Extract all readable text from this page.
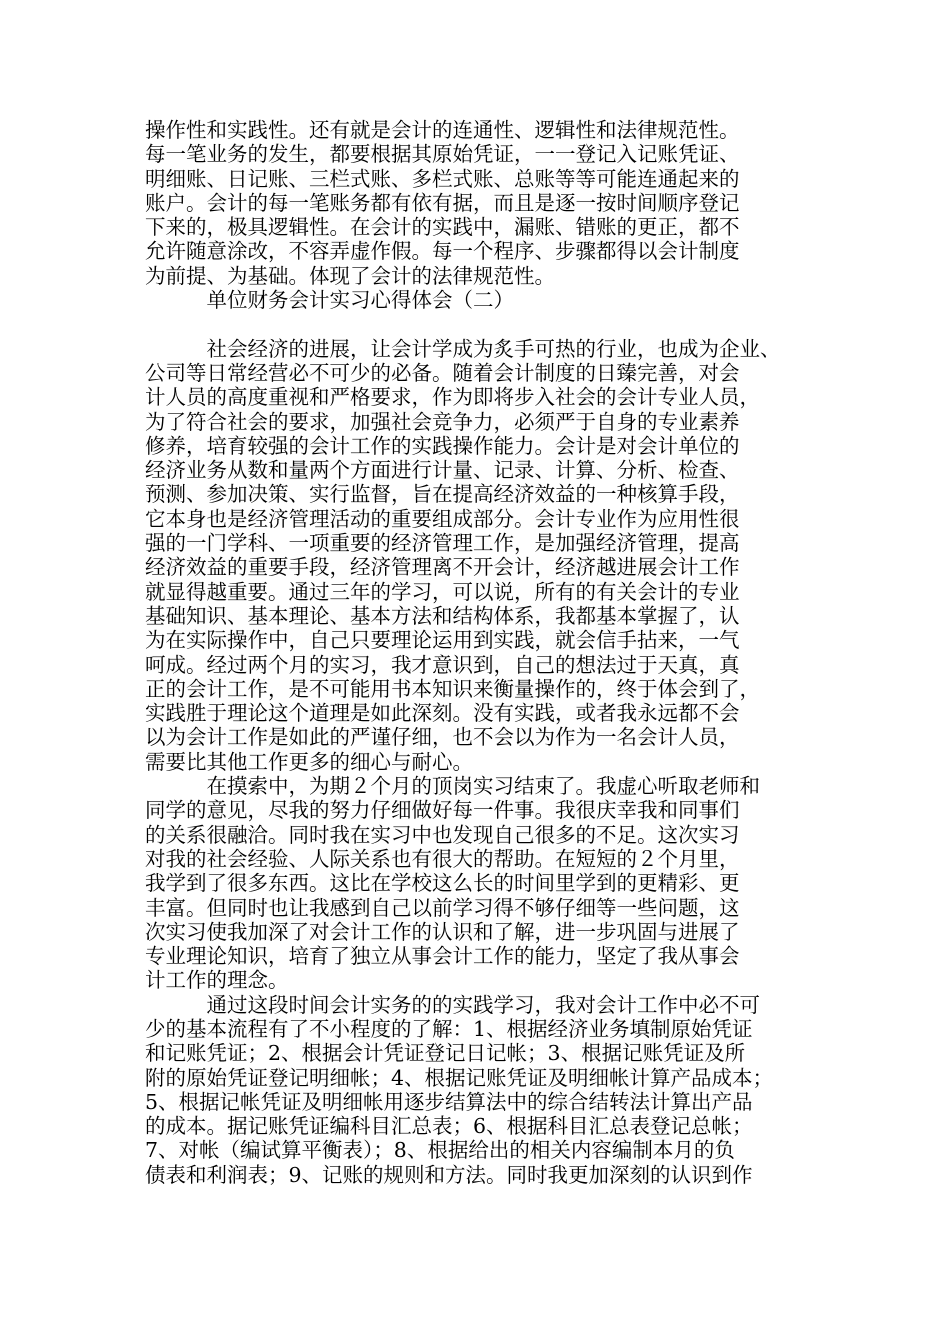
操作性和实践性。还有就是会计的连通性、逻辑性和法律规范性。
每一笔业务的发生，都要根据其原始凭证，一一登记入记账凭证、
明细账、日记账、三栏式账、多栏式账、总账等等可能连通起来的
账户。会计的每一笔账务都有依有据，而且是逐一按时间顺序登记
下来的，极具逻辑性。在会计的实践中，漏账、错账的更正，都不
允许随意涂改，不容弄虚作假。每一个程序、步骤都得以会计制度
为前提、为基础。体现了会计的法律规范性。
　　　单位财务会计实习心得体会（二）
　　　社会经济的进展，让会计学成为炙手可热的行业，也成为企业、
公司等日常经营必不可少的必备。随着会计制度的日臻完善，对会
计人员的高度重视和严格要求，作为即将步入社会的会计专业人员，
为了符合社会的要求，加强社会竞争力，必须严于自身的专业素养
修养，培育较强的会计工作的实践操作能力。会计是对会计单位的
经济业务从数和量两个方面进行计量、记录、计算、分析、检查、
预测、参加决策、实行监督，旨在提高经济效益的一种核算手段，
它本身也是经济管理活动的重要组成部分。会计专业作为应用性很
强的一门学科、一项重要的经济管理工作，是加强经济管理，提高
经济效益的重要手段，经济管理离不开会计，经济越进展会计工作
就显得越重要。通过三年的学习，可以说，所有的有关会计的专业
基础知识、基本理论、基本方法和结构体系，我都基本掌握了，认
为在实际操作中，自己只要理论运用到实践，就会信手拈来，一气
呵成。经过两个月的实习，我才意识到，自己的想法过于天真，真
正的会计工作，是不可能用书本知识来衡量操作的，终于体会到了，
实践胜于理论这个道理是如此深刻。没有实践，或者我永远都不会
以为会计工作是如此的严谨仔细，也不会以为作为一名会计人员，
需要比其他工作更多的细心与耐心。
　　　在摸索中，为期２个月的顶岗实习结束了。我虚心听取老师和
同学的意见，尽我的努力仔细做好每一件事。我很庆幸我和同事们
的关系很融洽。同时我在实习中也发现自己很多的不足。这次实习
对我的社会经验、人际关系也有很大的帮助。在短短的２个月里，
我学到了很多东西。这比在学校这么长的时间里学到的更精彩、更
丰富。但同时也让我感到自己以前学习得不够仔细等一些问题，这
次实习使我加深了对会计工作的认识和了解，进一步巩固与进展了
专业理论知识，培育了独立从事会计工作的能力，坚定了我从事会
计工作的理念。
　　　通过这段时间会计实务的的实践学习，我对会计工作中必不可
少的基本流程有了不小程度的了解：1、根据经济业务填制原始凭证
和记账凭证；2、根据会计凭证登记日记帐；3、根据记账凭证及所
附的原始凭证登记明细帐；4、根据记账凭证及明细帐计算产品成本；
5、根据记帐凭证及明细帐用逐步结算法中的综合结转法计算出产品
的成本。据记账凭证编科目汇总表；6、根据科目汇总表登记总帐；
7、对帐（编试算平衡表）；8、根据给出的相关内容编制本月的负
债表和利润表；9、记账的规则和方法。同时我更加深刻的认识到作
